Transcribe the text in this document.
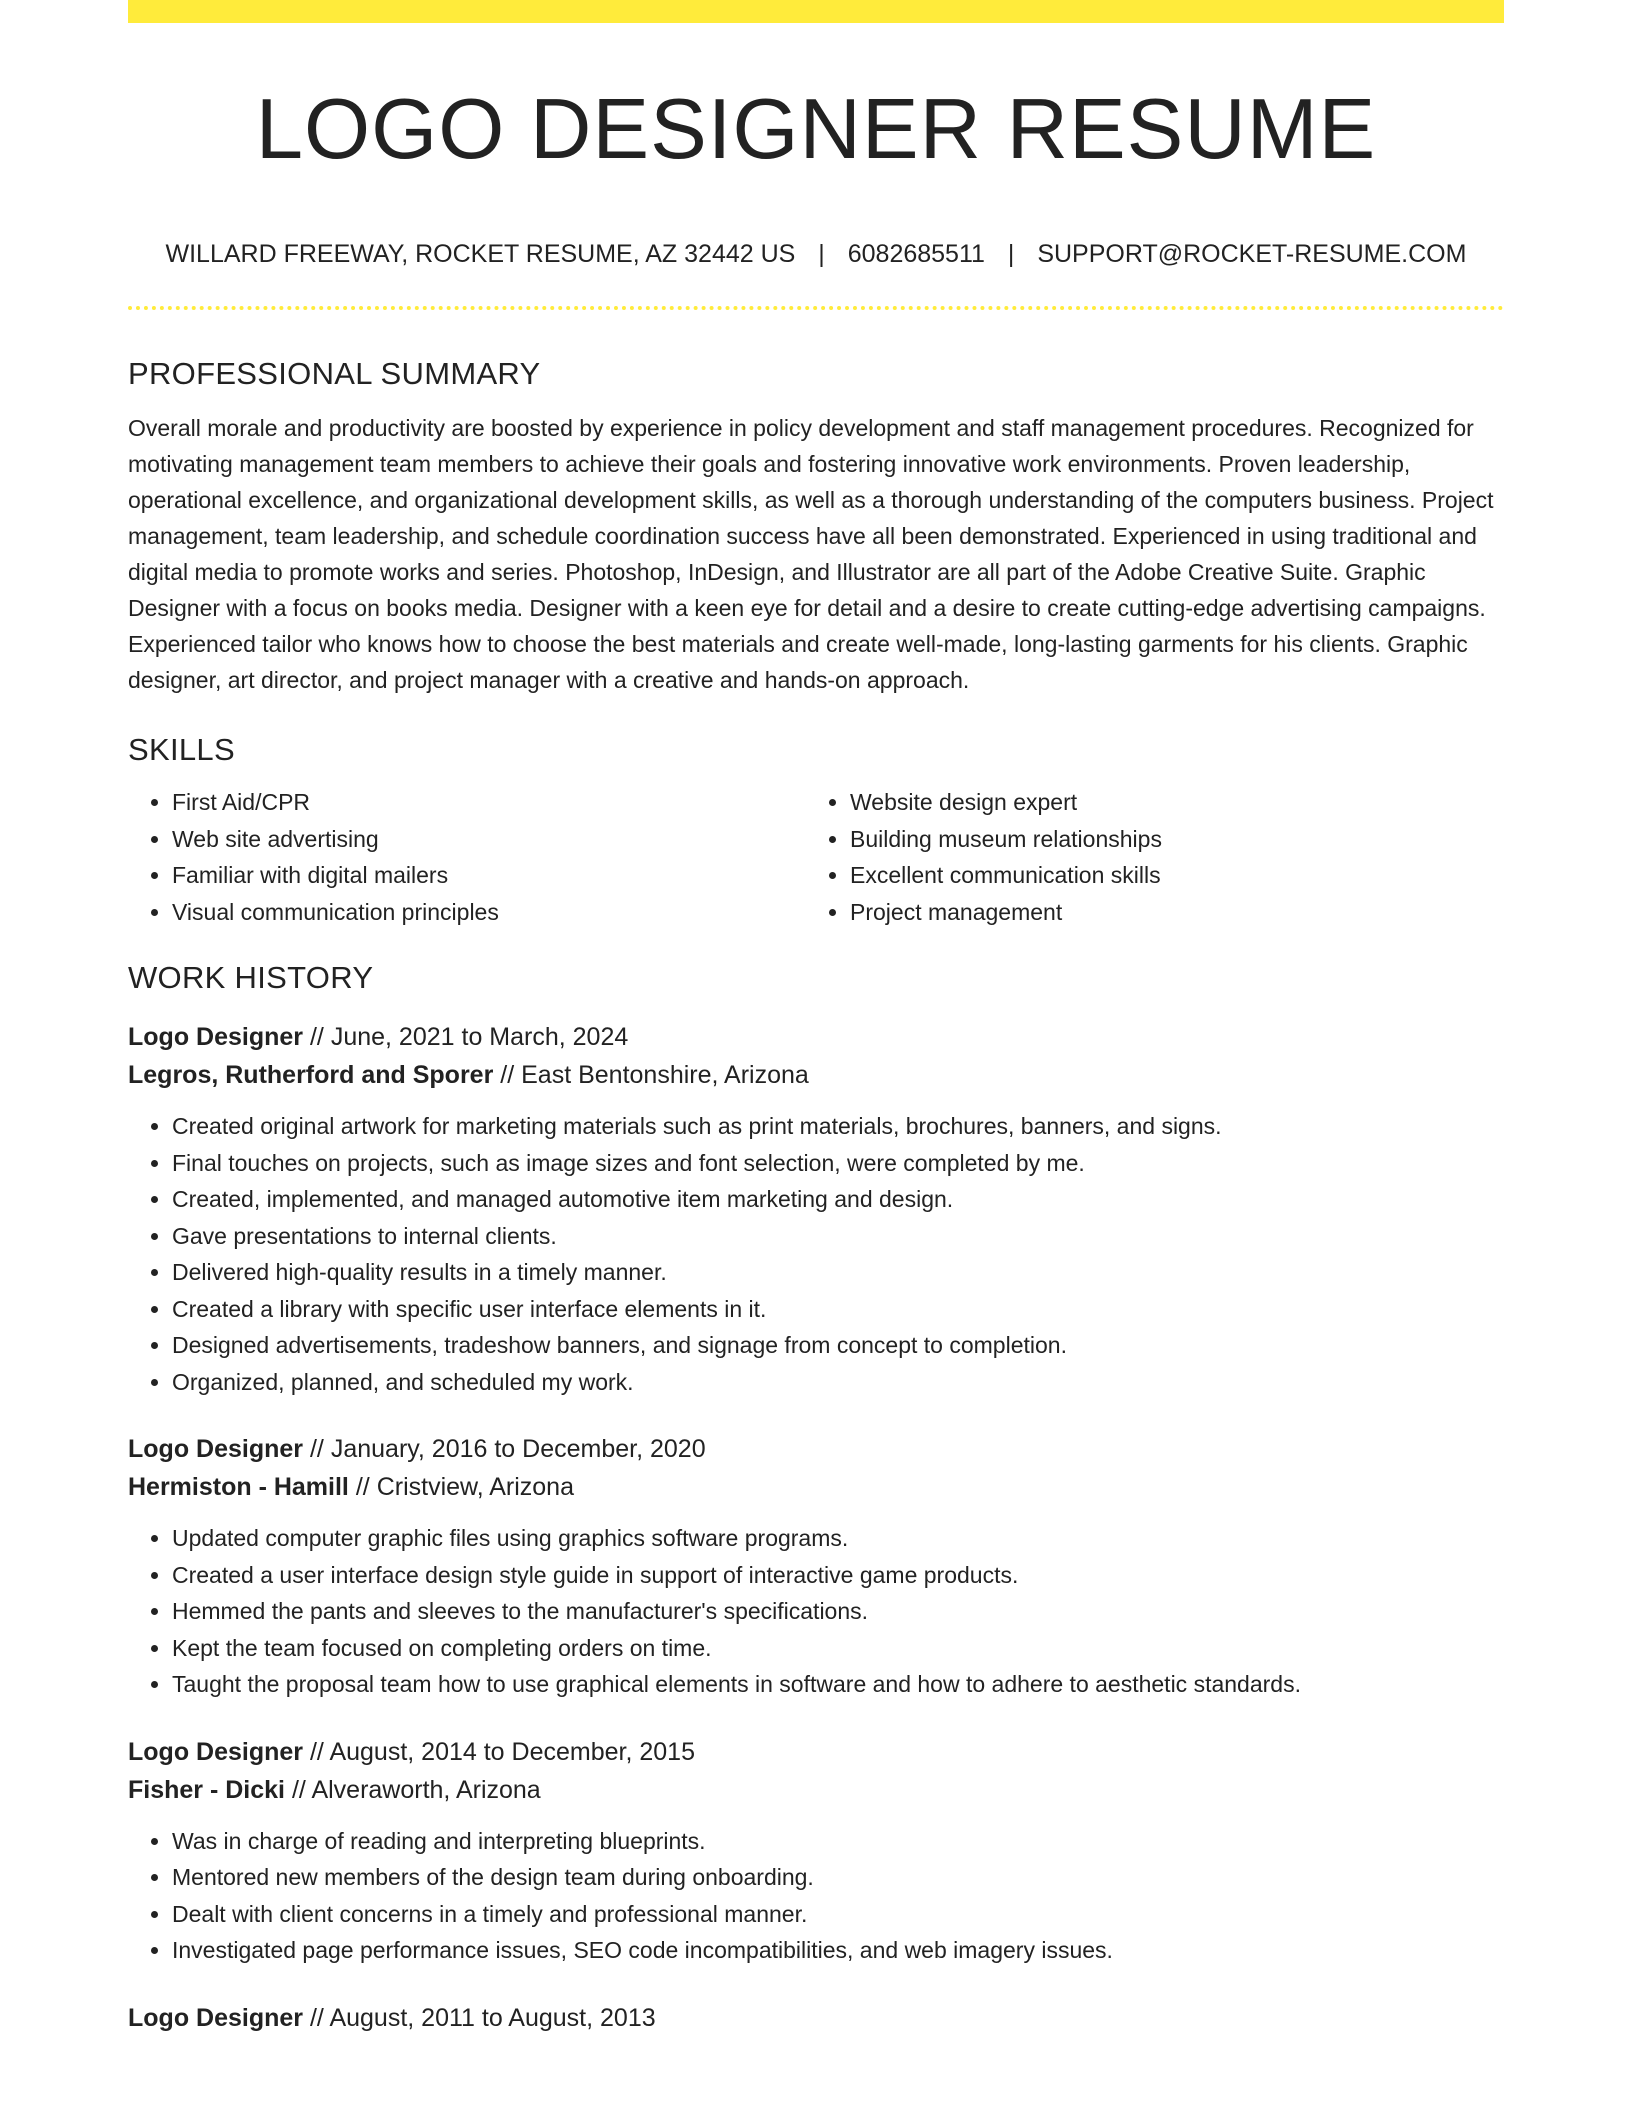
LOGO DESIGNER RESUME
WILLARD FREEWAY, ROCKET RESUME, AZ 32442 US | 6082685511 | SUPPORT@ROCKET-RESUME.COM
PROFESSIONAL SUMMARY

Overall morale and productivity are boosted by experience in policy development and staff management procedures. Recognized for motivating management team members to achieve their goals and fostering innovative work environments. Proven leadership, operational excellence, and organizational development skills, as well as a thorough understanding of the computers business. Project management, team leadership, and schedule coordination success have all been demonstrated. Experienced in using traditional and digital media to promote works and series. Photoshop, InDesign, and Illustrator are all part of the Adobe Creative Suite. Graphic Designer with a focus on books media. Designer with a keen eye for detail and a desire to create cutting-edge advertising campaigns. Experienced tailor who knows how to choose the best materials and create well-made, long-lasting garments for his clients. Graphic designer, art director, and project manager with a creative and hands-on approach.

SKILLS
• First Aid/CPR
• Web site advertising
• Familiar with digital mailers
• Visual communication principles
• Website design expert
• Building museum relationships
• Excellent communication skills
• Project management
WORK HISTORY
Logo Designer // June, 2021 to March, 2024
Legros, Rutherford and Sporer // East Bentonshire, Arizona
• Created original artwork for marketing materials such as print materials, brochures, banners, and signs.
• Final touches on projects, such as image sizes and font selection, were completed by me.
• Created, implemented, and managed automotive item marketing and design.
• Gave presentations to internal clients.
• Delivered high-quality results in a timely manner.
• Created a library with specific user interface elements in it.
• Designed advertisements, tradeshow banners, and signage from concept to completion.
• Organized, planned, and scheduled my work.
Logo Designer // January, 2016 to December, 2020
Hermiston - Hamill // Cristview, Arizona
• Updated computer graphic files using graphics software programs.
• Created a user interface design style guide in support of interactive game products.
• Hemmed the pants and sleeves to the manufacturer's specifications.
• Kept the team focused on completing orders on time.
• Taught the proposal team how to use graphical elements in software and how to adhere to aesthetic standards.
Logo Designer // August, 2014 to December, 2015
Fisher - Dicki // Alveraworth, Arizona
• Was in charge of reading and interpreting blueprints.
• Mentored new members of the design team during onboarding.
• Dealt with client concerns in a timely and professional manner.
• Investigated page performance issues, SEO code incompatibilities, and web imagery issues.
Logo Designer // August, 2011 to August, 2013
